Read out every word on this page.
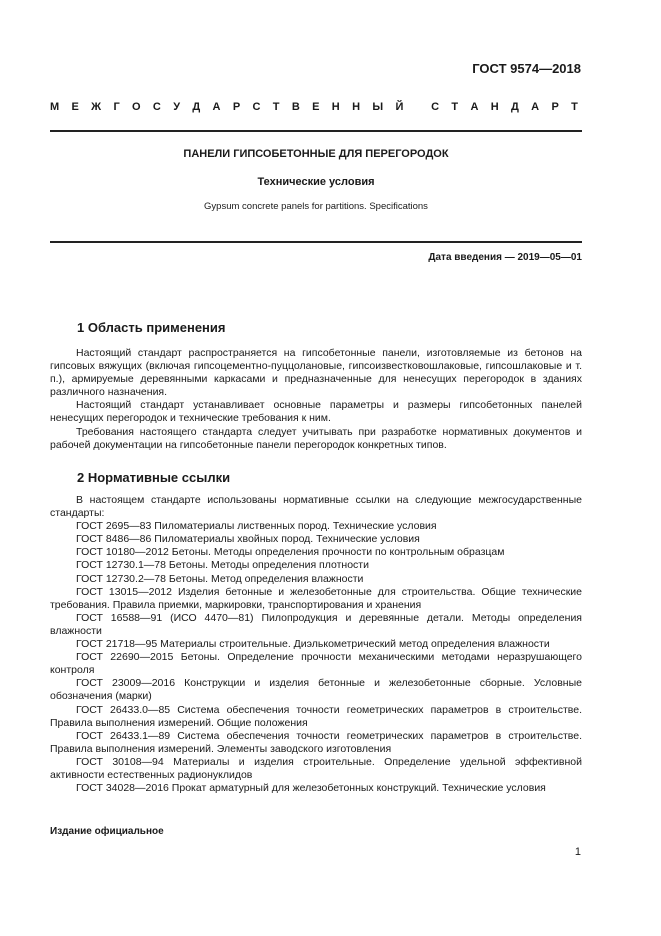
ГОСТ 9574—2018
М Е Ж Г О С У Д А Р С Т В Е Н Н Ы Й
	С Т А Н Д А Р Т
ПАНЕЛИ ГИПСОБЕТОННЫЕ ДЛЯ ПЕРЕГОРОДОК
Технические условия
Gypsum concrete panels for partitions. Specifications
Дата введения — 2019—05—01
1 Область применения

Настоящий стандарт распространяется на гипсобетонные панели, изготовляемые из бетонов на гипсовых вяжущих (включая гипсоцементно-пуццолановые, гипсоизвестковошлаковые, гипсошлаковые и т. п.), армируемые деревянными каркасами и предназначенные для ненесущих перегородок в зданиях различного назначения.

Настоящий стандарт устанавливает основные параметры и размеры гипсобетонных панелей ненесущих перегородок и технические требования к ним.

Требования настоящего стандарта следует учитывать при разработке нормативных документов и рабочей документации на гипсобетонные панели перегородок конкретных типов.

2 Нормативные ссылки

В настоящем стандарте использованы нормативные ссылки на следующие межгосударственные стандарты:

ГОСТ 2695—83 Пиломатериалы лиственных пород. Технические условия

ГОСТ 8486—86 Пиломатериалы хвойных пород. Технические условия

ГОСТ 10180—2012 Бетоны. Методы определения прочности по контрольным образцам

ГОСТ 12730.1—78 Бетоны. Методы определения плотности

ГОСТ 12730.2—78 Бетоны. Метод определения влажности

ГОСТ 13015—2012 Изделия бетонные и железобетонные для строительства. Общие технические требования. Правила приемки, маркировки, транспортирования и хранения

ГОСТ 16588—91 (ИСО 4470—81) Пилопродукция и деревянные детали. Методы определения влажности

ГОСТ 21718—95 Материалы строительные. Диэлькометрический метод определения влажности

ГОСТ 22690—2015 Бетоны. Определение прочности механическими методами неразрушающего контроля

ГОСТ 23009—2016 Конструкции и изделия бетонные и железобетонные сборные. Условные обозначения (марки)

ГОСТ 26433.0—85 Система обеспечения точности геометрических параметров в строительстве. Правила выполнения измерений. Общие положения

ГОСТ 26433.1—89 Система обеспечения точности геометрических параметров в строительстве. Правила выполнения измерений. Элементы заводского изготовления

ГОСТ 30108—94 Материалы и изделия строительные. Определение удельной эффективной активности естественных радионуклидов

ГОСТ 34028—2016 Прокат арматурный для железобетонных конструкций. Технические условия

Издание официальное
1
